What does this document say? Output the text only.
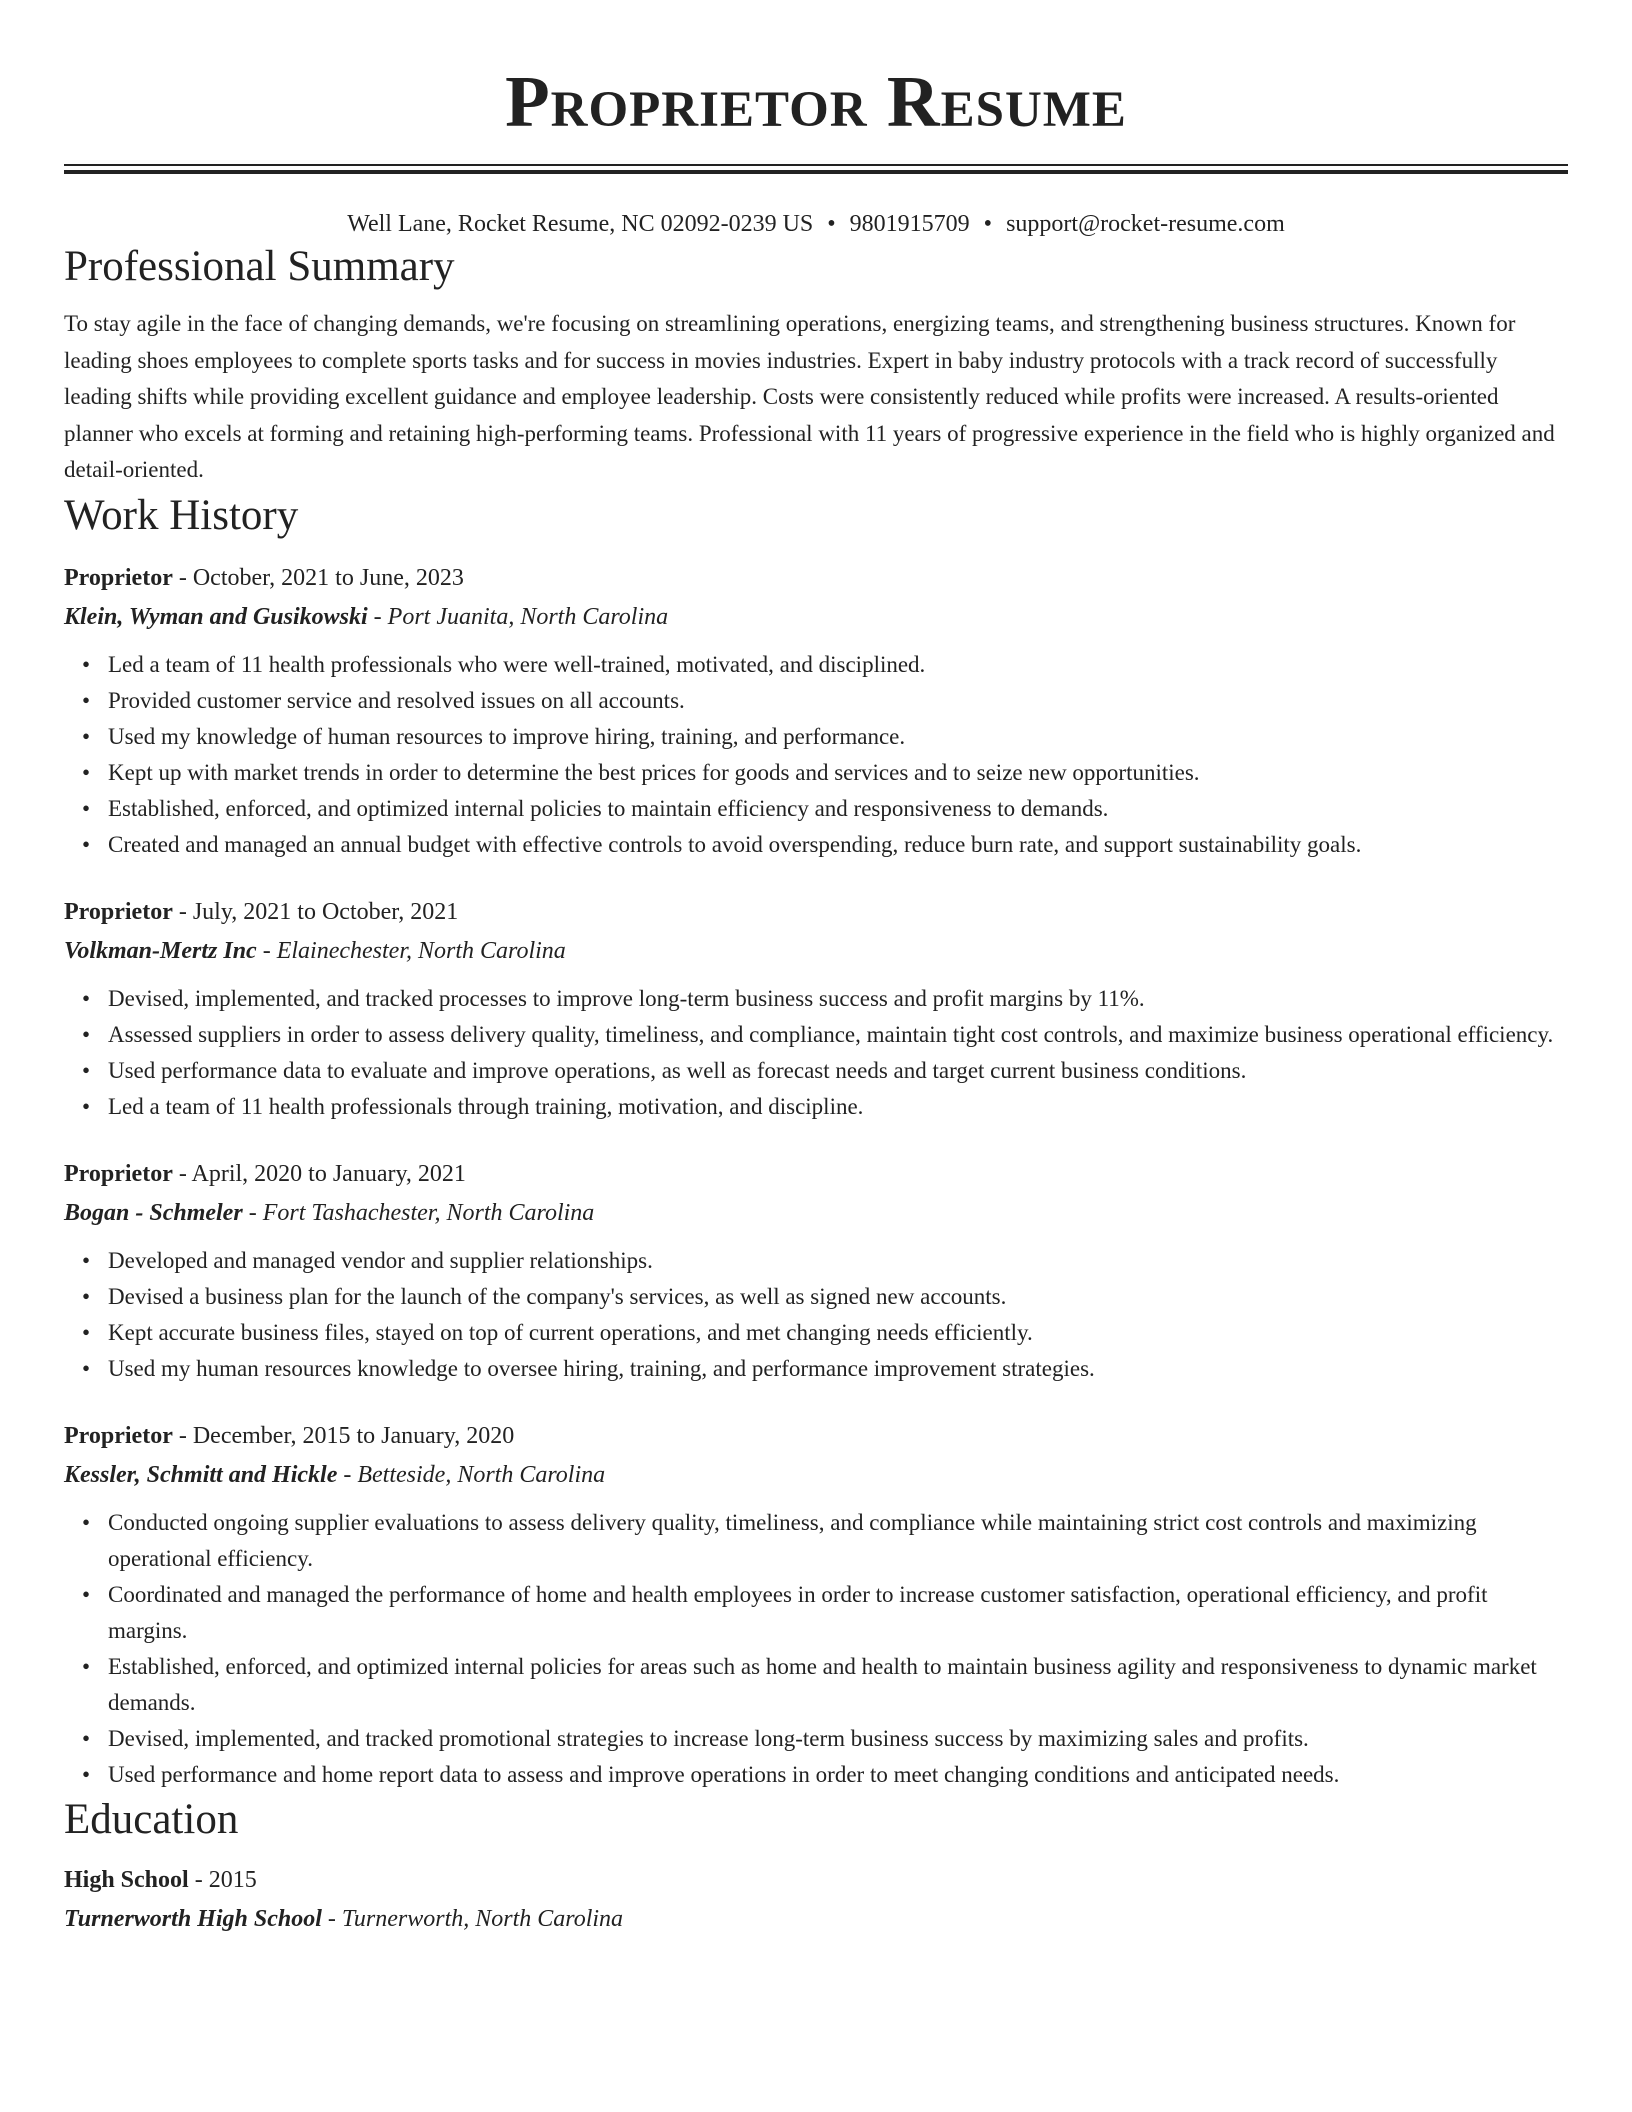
Proprietor Resume
Well Lane, Rocket Resume, NC 02092-0239 US • 9801915709 • support@rocket-resume.com
Professional Summary

To stay agile in the face of changing demands, we're focusing on streamlining operations, energizing teams, and strengthening business structures. Known for leading shoes employees to complete sports tasks and for success in movies industries. Expert in baby industry protocols with a track record of successfully leading shifts while providing excellent guidance and employee leadership. Costs were consistently reduced while profits were increased. A results-oriented planner who excels at forming and retaining high-performing teams. Professional with 11 years of progressive experience in the field who is highly organized and detail-oriented.

Work History
Proprietor - October, 2021 to June, 2023
Klein, Wyman and Gusikowski - Port Juanita, North Carolina
• Led a team of 11 health professionals who were well-trained, motivated, and disciplined.
• Provided customer service and resolved issues on all accounts.
• Used my knowledge of human resources to improve hiring, training, and performance.
• Kept up with market trends in order to determine the best prices for goods and services and to seize new opportunities.
• Established, enforced, and optimized internal policies to maintain efficiency and responsiveness to demands.
• Created and managed an annual budget with effective controls to avoid overspending, reduce burn rate, and support sustainability goals.
Proprietor - July, 2021 to October, 2021
Volkman-Mertz Inc - Elainechester, North Carolina
• Devised, implemented, and tracked processes to improve long-term business success and profit margins by 11%.
• Assessed suppliers in order to assess delivery quality, timeliness, and compliance, maintain tight cost controls, and maximize business operational efficiency.
• Used performance data to evaluate and improve operations, as well as forecast needs and target current business conditions.
• Led a team of 11 health professionals through training, motivation, and discipline.
Proprietor - April, 2020 to January, 2021
Bogan - Schmeler - Fort Tashachester, North Carolina
• Developed and managed vendor and supplier relationships.
• Devised a business plan for the launch of the company's services, as well as signed new accounts.
• Kept accurate business files, stayed on top of current operations, and met changing needs efficiently.
• Used my human resources knowledge to oversee hiring, training, and performance improvement strategies.
Proprietor - December, 2015 to January, 2020
Kessler, Schmitt and Hickle - Betteside, North Carolina
• Conducted ongoing supplier evaluations to assess delivery quality, timeliness, and compliance while maintaining strict cost controls and maximizing operational efficiency.
• Coordinated and managed the performance of home and health employees in order to increase customer satisfaction, operational efficiency, and profit margins.
• Established, enforced, and optimized internal policies for areas such as home and health to maintain business agility and responsiveness to dynamic market demands.
• Devised, implemented, and tracked promotional strategies to increase long-term business success by maximizing sales and profits.
• Used performance and home report data to assess and improve operations in order to meet changing conditions and anticipated needs.
Education
High School - 2015
Turnerworth High School - Turnerworth, North Carolina
